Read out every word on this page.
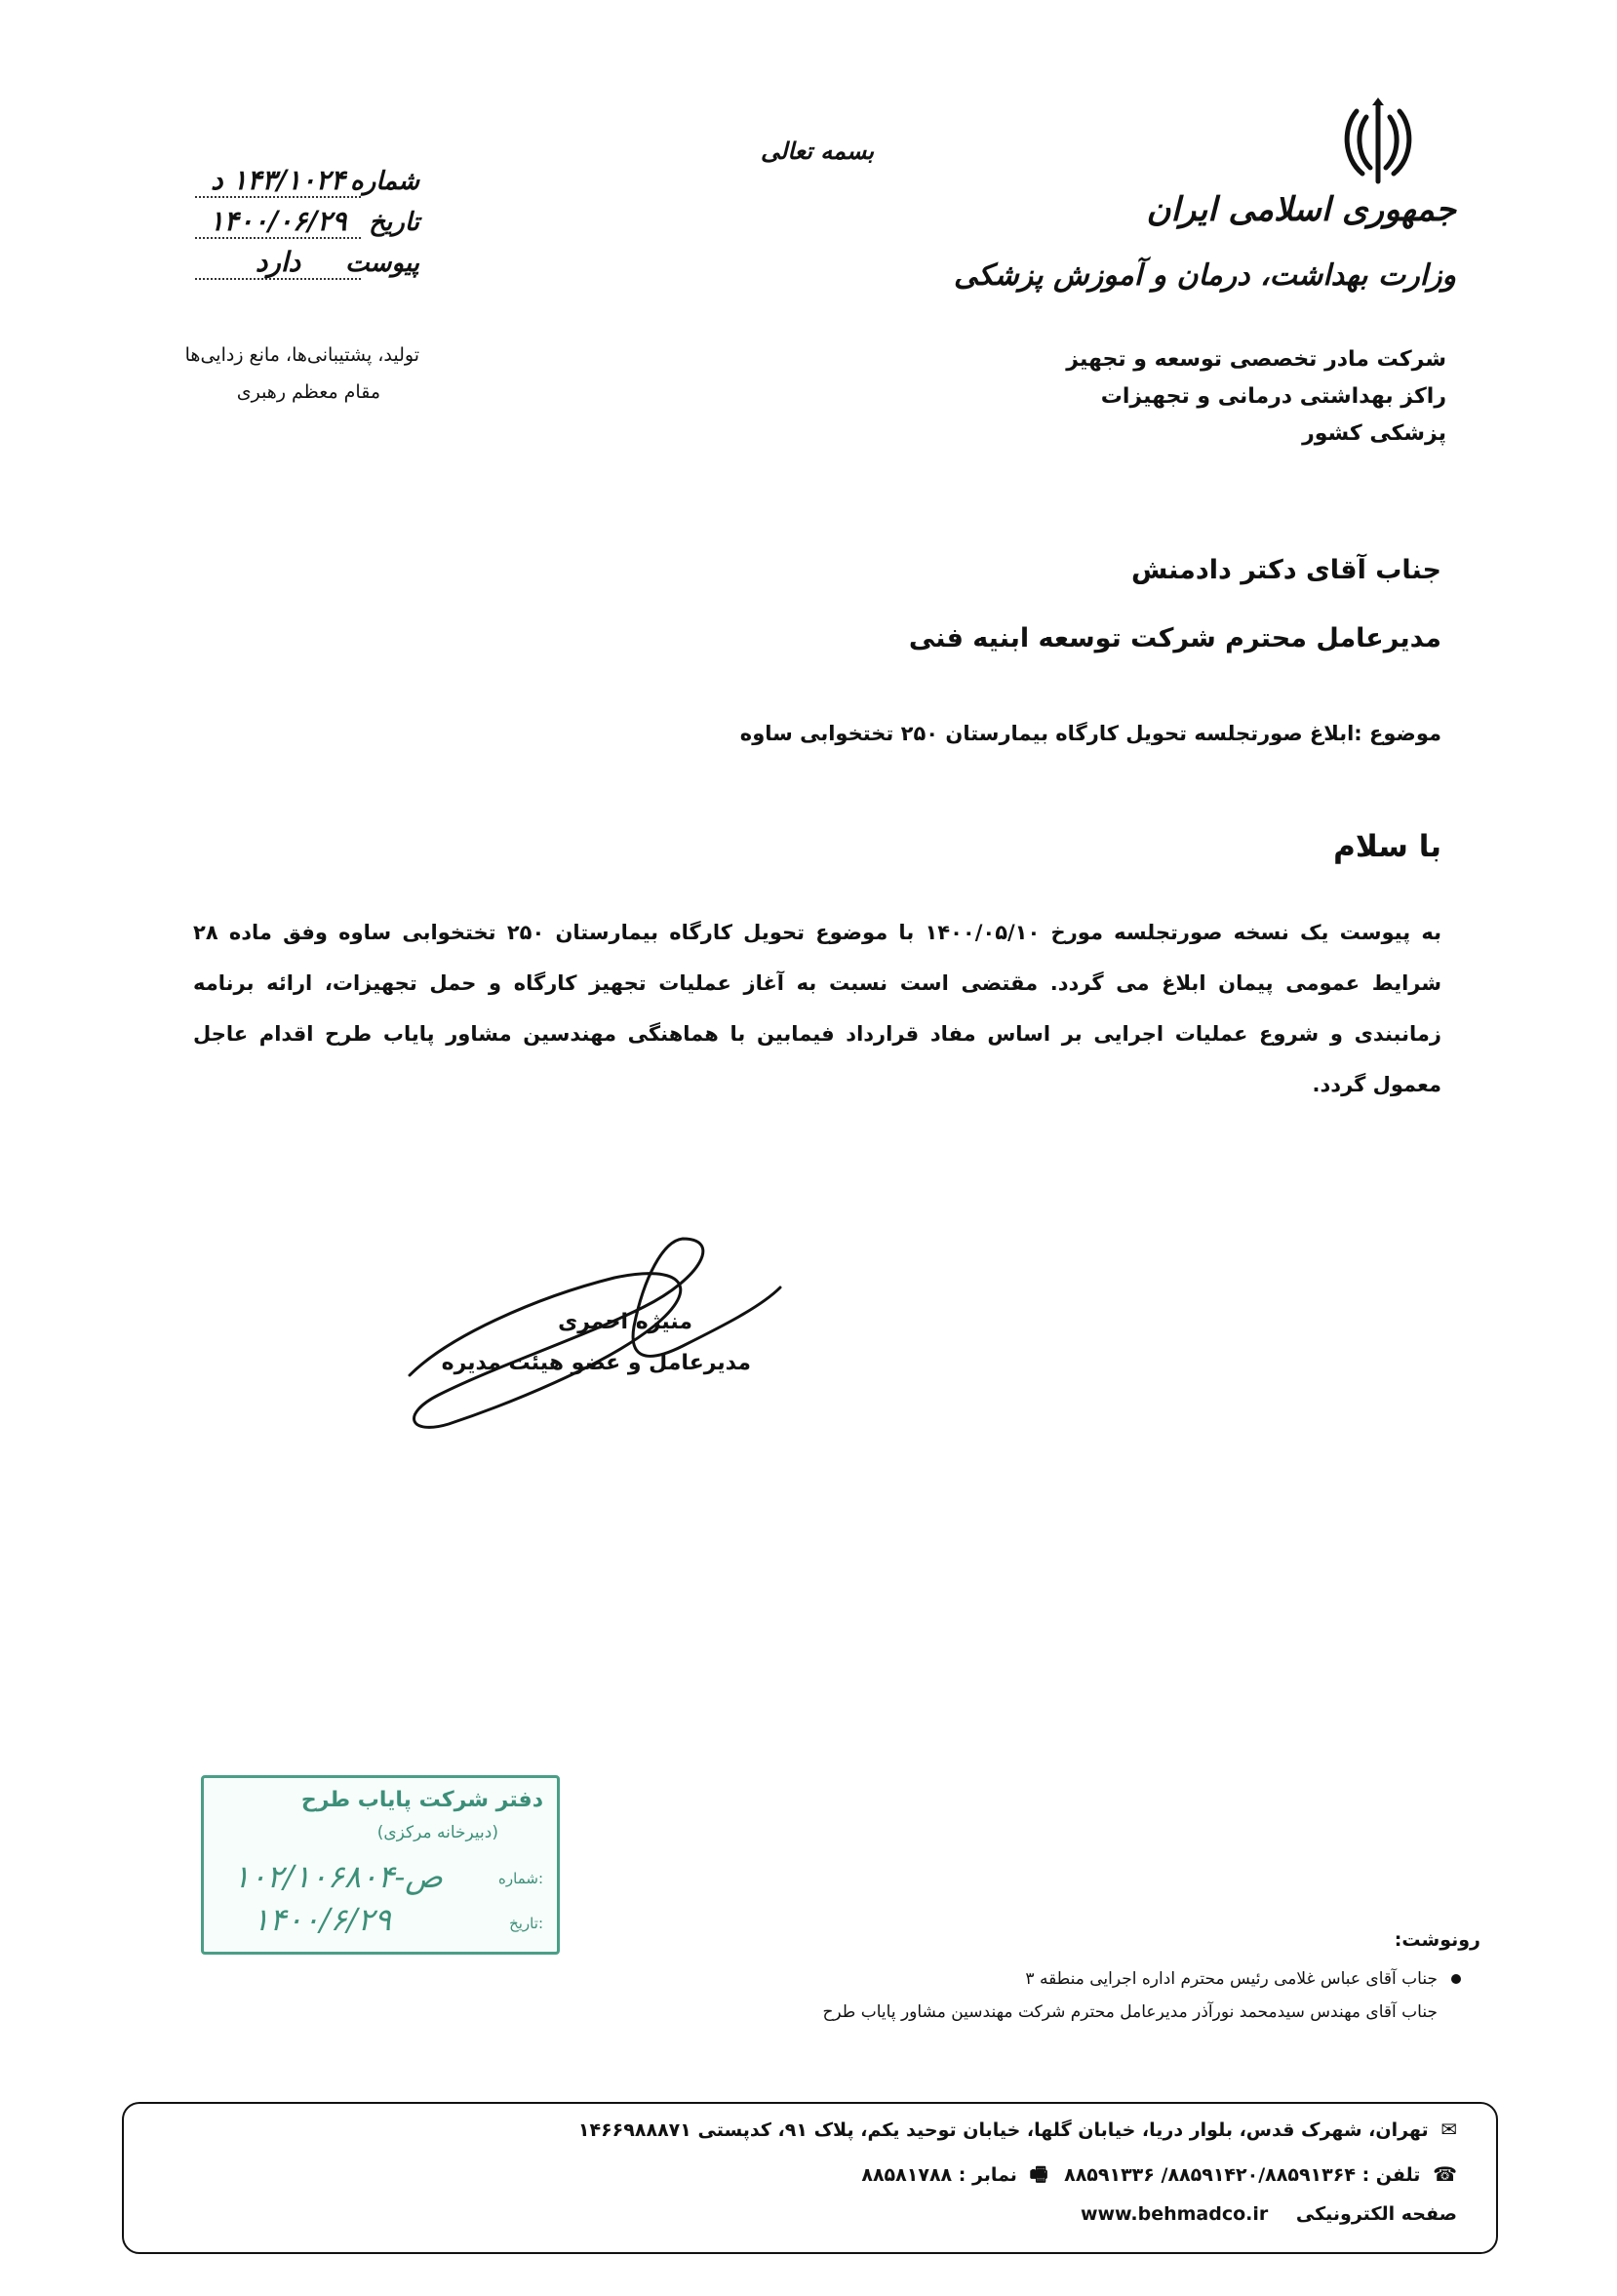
جمهوری اسلامی ایران
وزارت بهداشت، درمان و آموزش پزشکی
شرکت مادر تخصصی توسعه و تجهیز
راکز بهداشتی درمانی و تجهیزات پزشکی کشور
بسمه تعالی
شماره
۱۴۳/۱۰۲۴ د
تاریخ
۱۴۰۰/۰۶/۲۹
پیوست
دارد
تولید، پشتیبانی‌ها، مانع زدایی‌ها
مقام معظم رهبری
جناب آقای دکتر دادمنش
مدیرعامل محترم شرکت توسعه ابنیه فنی
موضوع :ابلاغ صورتجلسه تحویل کارگاه بیمارستان ۲۵۰ تختخوابی ساوه
با سلام
به پیوست یک نسخه صورتجلسه مورخ ۱۴۰۰/۰۵/۱۰ با موضوع تحویل کارگاه بیمارستان ۲۵۰ تختخوابی ساوه وفق ماده ۲۸ شرایط عمومی پیمان ابلاغ می گردد. مقتضی است نسبت به آغاز عملیات تجهیز کارگاه و حمل تجهیزات، ارائه برنامه زمانبندی و شروع عملیات اجرایی بر اساس مفاد قرارداد فیمابین با هماهنگی مهندسین مشاور پایاب طرح اقدام عاجل معمول گردد.
منیژه احمری
مدیرعامل و عضو هیئت مدیره
دفتر شرکت پایاب طرح
(دبیرخانه مرکزی)
شماره:
تاریخ:
۱۰۲/ص-۱۰۶۸۰۴
۱۴۰۰/۶/۲۹
رونوشت:
جناب آقای عباس غلامی رئیس محترم اداره اجرایی منطقه ۳
جناب آقای مهندس سیدمحمد نورآذر مدیرعامل محترم شرکت مهندسین مشاور پایاب طرح
✉ تهران، شهرک قدس، بلوار دریا، خیابان گلها، خیابان توحید یکم، پلاک ۹۱، کدپستی ۱۴۶۶۹۸۸۸۷۱
☎ تلفن : ۸۸۵۹۱۴۲۰/۸۸۵۹۱۳۶۴/ ۸۸۵۹۱۳۳۶ 🖷 نمابر : ۸۸۵۸۱۷۸۸
صفحه الکترونیکی www.behmadco.ir
